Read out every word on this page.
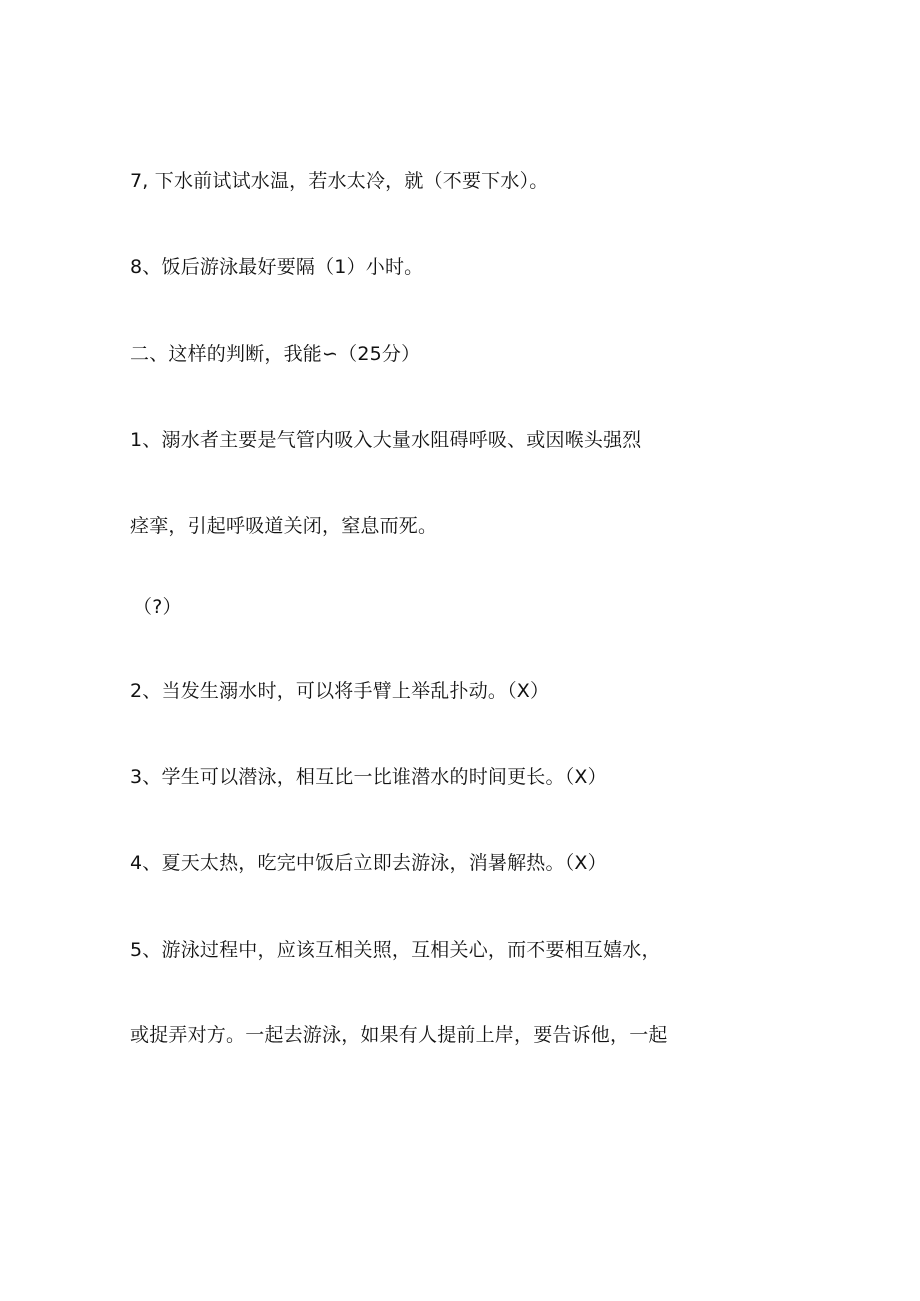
7, 下水前试试水温，若水太冷，就（不要下水）。
8、饭后游泳最好要隔（1）小时。
二、这样的判断，我能∽（25分）
1、溺水者主要是气管内吸入大量水阻碍呼吸、或因喉头强烈
痉挛，引起呼吸道关闭，窒息而死。
（?）
2、当发生溺水时，可以将手臂上举乱扑动。（X）
3、学生可以潜泳，相互比一比谁潜水的时间更长。（X）
4、夏天太热，吃完中饭后立即去游泳，消暑解热。（X）
5、游泳过程中，应该互相关照，互相关心，而不要相互嬉水，
或捉弄对方。一起去游泳，如果有人提前上岸，要告诉他，一起
